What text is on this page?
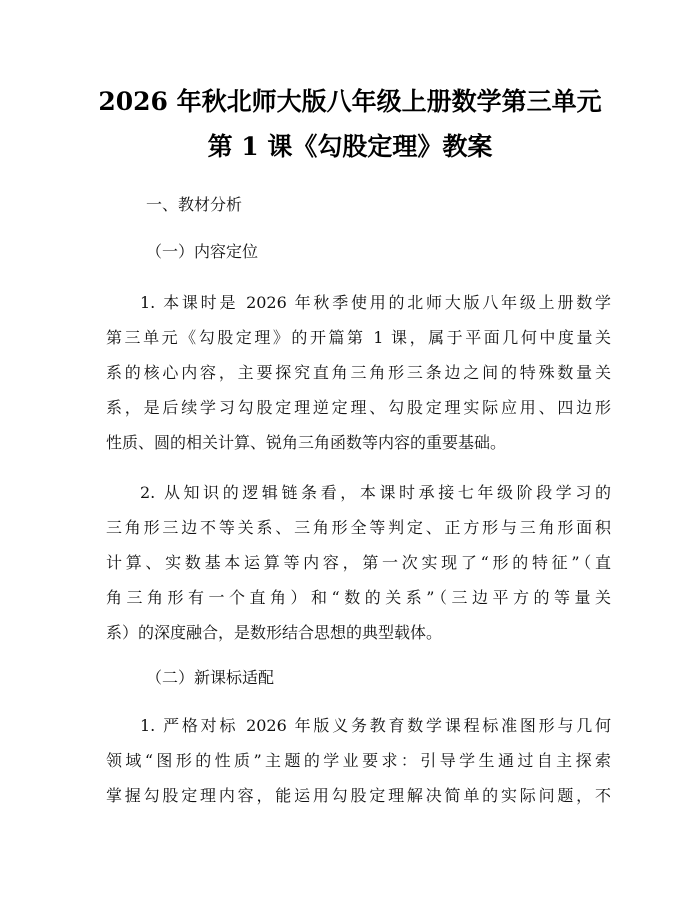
2026 年秋北师大版八年级上册数学第三单元
第 1 课《勾股定理》教案
一、教材分析
（一）内容定位
1. 本课时是 2026 年秋季使用的北师大版八年级上册数学
第三单元《勾股定理》的开篇第 1 课，属于平面几何中度量关
系的核心内容，主要探究直角三角形三条边之间的特殊数量关
系，是后续学习勾股定理逆定理、勾股定理实际应用、四边形
性质、圆的相关计算、锐角三角函数等内容的重要基础。
2. 从知识的逻辑链条看，本课时承接七年级阶段学习的
三角形三边不等关系、三角形全等判定、正方形与三角形面积
计算、实数基本运算等内容，第一次实现了“形的特征”（直
角三角形有一个直角）和“数的关系”（三边平方的等量关
系）的深度融合，是数形结合思想的典型载体。
（二）新课标适配
1. 严格对标 2026 年版义务教育数学课程标准图形与几何
领域“图形的性质”主题的学业要求：引导学生通过自主探索
掌握勾股定理内容，能运用勾股定理解决简单的实际问题，不
